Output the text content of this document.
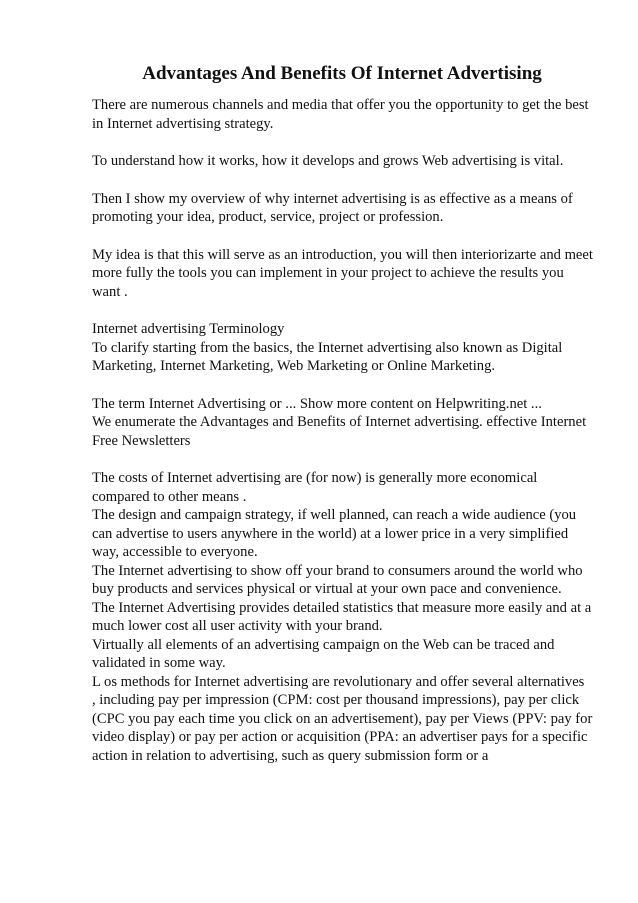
Advantages And Benefits Of Internet Advertising

There are numerous channels and media that offer you the opportunity to get the best
in Internet advertising strategy.

To understand how it works, how it develops and grows Web advertising is vital.

Then I show my overview of why internet advertising is as effective as a means of
promoting your idea, product, service, project or profession.

My idea is that this will serve as an introduction, you will then interiorizarte and meet
more fully the tools you can implement in your project to achieve the results you
want .

Internet advertising Terminology
To clarify starting from the basics, the Internet advertising also known as Digital
Marketing, Internet Marketing, Web Marketing or Online Marketing.

The term Internet Advertising or ... Show more content on Helpwriting.net ...
We enumerate the Advantages and Benefits of Internet advertising. effective Internet
Free Newsletters

The costs of Internet advertising are (for now) is generally more economical
compared to other means .
The design and campaign strategy, if well planned, can reach a wide audience (you
can advertise to users anywhere in the world) at a lower price in a very simplified
way, accessible to everyone.
The Internet advertising to show off your brand to consumers around the world who
buy products and services physical or virtual at your own pace and convenience.
The Internet Advertising provides detailed statistics that measure more easily and at a
much lower cost all user activity with your brand.
Virtually all elements of an advertising campaign on the Web can be traced and
validated in some way.
L os methods for Internet advertising are revolutionary and offer several alternatives
, including pay per impression (CPM: cost per thousand impressions), pay per click
(CPC you pay each time you click on an advertisement), pay per Views (PPV: pay for
video display) or pay per action or acquisition (PPA: an advertiser pays for a specific
action in relation to advertising, such as query submission form or a
